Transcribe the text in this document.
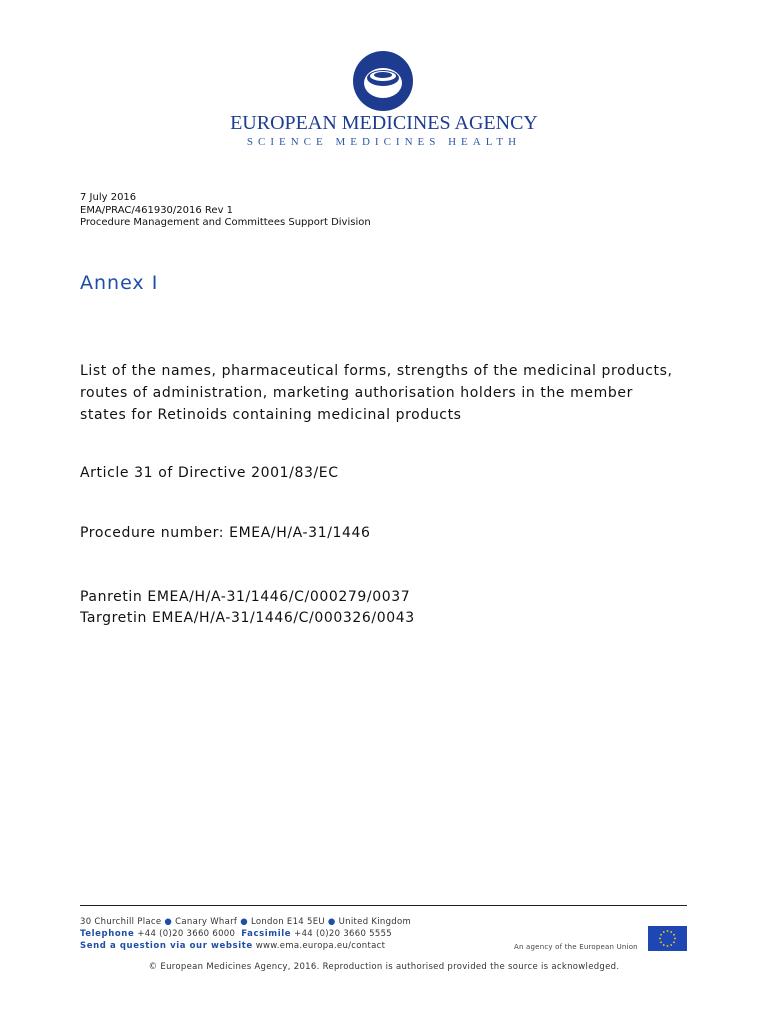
EUROPEAN MEDICINES AGENCY
SCIENCE MEDICINES HEALTH
7 July 2016
EMA/PRAC/461930/2016 Rev 1
Procedure Management and Committees Support Division
Annex I
List of the names, pharmaceutical forms, strengths of the medicinal products, routes of administration, marketing authorisation holders in the member states for Retinoids containing medicinal products
Article 31 of Directive 2001/83/EC
Procedure number: EMEA/H/A-31/1446
Panretin EMEA/H/A-31/1446/C/000279/0037
Targretin EMEA/H/A-31/1446/C/000326/0043
30 Churchill Place ● Canary Wharf ● London E14 5EU ● United Kingdom
Telephone +44 (0)20 3660 6000 Facsimile +44 (0)20 3660 5555
Send a question via our website www.ema.europa.eu/contact	An agency of the European Union
© European Medicines Agency, 2016. Reproduction is authorised provided the source is acknowledged.
